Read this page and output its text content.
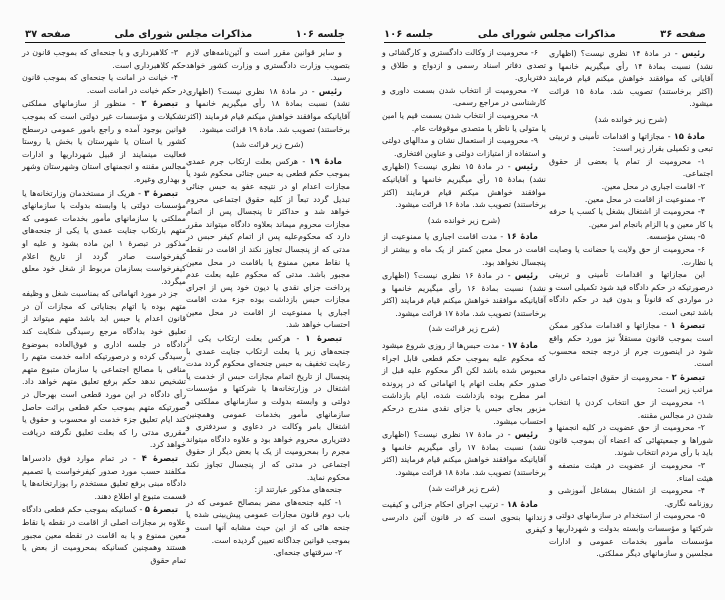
صفحه ۳۷	مذاکرات مجلس شورای ملی	جلسه ۱۰۶

۳- کلاهبرداری و یا جنحه‌ای که بموجب قانون در حکم کلاهبرداری است.

۴- خیانت در امانت یا جنحه‌ای که بموجب قانون در حکم خیانت در امانت است.

تبصرهٔ ۲ - منظور از سازمانهای مملکتی تشکیلات و مؤسسات غیر دولتی است که بموجب قوانین بوجود آمده و راجع بامور عمومی درسطح کشور یا استان یا شهرستان یا بخش یا روستا فعالیت مینمایند از قبیل شهرداریها و ادارات مجالس مقننه و انجمنهای استان وشهرستان وشهر و بهداری وغیره.

تبصرهٔ ۳ - هریک از مستخدمان وزارتخانه‌ها یا مؤسسات دولتی یا وابسته بدولت یا سازمانهای مملکتی یا سازمانهای مأمور بخدمات عمومی که متهم بارتکاب جنایت عمدی یا یکی از جنحه‌های مذکور در تبصرهٔ ۱ این ماده بشود و علیه او کیفرخواست صادر گردد از تاریخ اعلام کیفرخواست بسازمان مربوط از شغل خود معلق میگردد.

جز در مورد اتهاماتی که بمناسبت شغل و وظیفه متهم بوده یا اتهام بجنایاتی که مجازات آن در قانون اعدام یا حبس ابد باشد متهم میتواند از تعلیق خود بدادگاه مرجع رسیدگی شکایت کند دادگاه در جلسه اداری و فوق‌العاده بموضوع رسیدگی کرده و درصورتیکه ادامه خدمت متهم را منافی با مصالح اجتماعی یا سازمان متبوع متهم تشخیص ندهد حکم برفع تعلیق متهم خواهد داد. رأی دادگاه در این مورد قطعی است بهرحال در صورتیکه متهم بموجب حکم قطعی برائت حاصل کند ایام تعلیق جزء خدمت او محسوب و حقوق یا مقرری مدتی را که بعلت تعلیق نگرفته دریافت خواهد کرد.

تبصرهٔ ۴ - در تمام موارد فوق دادسراها مکلفند حسب مورد صدور کیفرخواست یا تصمیم دادگاه مبنی برفع تعلیق مستخدم را بوزارتخانه‌ها یا قسمت متبوع او اطلاع دهند.

تبصرهٔ ۵ - کسانیکه بموجب حکم قطعی دادگاه علاوه بر مجازات اصلی از اقامت در نقطه یا نقاط معین ممنوع و یا به اقامت در نقطه معین مجبور هستند وهمچنین کسانیکه بمحرومیت از بعض یا تمام حقوق

و سایر قوانین مقرر است و آئین‌نامه‌های لازم بتصویب وزارت دادگستری و وزارت کشور خواهد رسید.

رئیس - در مادهٔ ۱۸ نظری نیست؟ (اظهاری نشد) نسبت بمادهٔ ۱۸ رأی میگیریم خانمها و آقایانیکه موافقند خواهش میکنم قیام فرمایند (اکثر برخاستند) تصویب شد. مادهٔ ۱۹ قرائت میشود.

(شرح زیر قرائت شد)

مادهٔ ۱۹ - هرکس بعلت ارتکاب جرم عمدی بموجب حکم قطعی به حبس جنائی محکوم شود یا مجازات اعدام او در نتیجه عفو به حبس جنائی تبدیل گردد تبعاً از کلیه حقوق اجتماعی محروم خواهد شد و حداکثر تا پنجسال پس از اتمام مجازات محروم میماند بعلاوه دادگاه میتواند مقرر دارد که محکوم‌علیه پس از اتمام کیفر حبس در مدتی که از پنجسال تجاوز نکند از اقامت در نقطه یا نقاط معین ممنوع یا باقامت در محل معین مجبور باشد. مدتی که محکوم علیه بعلت عدم پرداخت جزای نقدی یا دیون خود پس از اجرای مجازات حبس بازداشت بوده جزء مدت اقامت اجباری یا ممنوعیت از اقامت در محل معین احتساب خواهد شد.

تبصرهٔ ۱ - هرکس بعلت ارتکاب یکی از جنحه‌های زیر یا بعلت ارتکاب جنایت عمدی با رعایت تخفیف به حبس جنحه‌ای محکوم گردد مدت پنجسال از تاریخ اتمام مجازات حبس از خدمت یا اشتغال در وزارتخانه‌ها یا شرکتها و مؤسسات دولتی و وابسته بدولت و سازمانهای مملکتی و سازمانهای مأمور بخدمات عمومی وهمچنین اشتغال بامر وکالت در دعاوی و سردفتری و دفتریاری محروم خواهد بود و علاوه دادگاه میتواند مجرم را بمحرومیت از یک یا بعض دیگر از حقوق اجتماعی در مدتی که از پنجسال تجاوز نکند محکوم نماید.

جنحه‌های مذکور عبارتند از:

۱- کلیه جنحه‌های مضر بمصالح عمومی که در باب دوم قانون مجازات عمومی پیش‌بینی شده یا جنحه هائی که از این حیث مشابه آنها است و بموجب قوانین جداگانه تعیین گردیده است.

۲- سرقتهای جنحه‌ای.

جلسه ۱۰۶	مذاکرات مجلس شورای ملی	صفحه ۳۶

۶- محرومیت از وکالت دادگستری و کارگشائی و تصدی دفاتر اسناد رسمی و ازدواج و طلاق و دفتریاری.

۷- محرومیت از انتخاب شدن بسمت داوری و کارشناسی در مراجع رسمی.

۸- محرومیت از انتخاب شدن بسمت قیم یا امین یا متولی یا ناظر یا متصدی موقوفات عام.

۹- محرومیت از استعمال نشان و مدالهای دولتی و استفاده از امتیازات دولتی و عناوین افتخاری.

رئیس - در مادهٔ ۱۵ نظری نیست؟ (اظهاری نشد) بمادهٔ ۱۵ رأی میگیریم خانمها و آقایانیکه موافقند خواهش میکنم قیام فرمایند (اکثر برخاستند) تصویب شد. مادهٔ ۱۶ قرائت میشود.

(شرح زیر خوانده شد)

مادهٔ ۱۶ - مدت اقامت اجباری یا ممنوعیت از اقامت در محل معین کمتر از یک ماه و بیشتر از پنجسال نخواهد بود.

رئیس - در مادهٔ ۱۶ نظری نیست؟ (اظهاری نشد) نسبت بمادهٔ ۱۶ رأی میگیریم خانمها و آقایانیکه موافقند خواهش میکنم قیام فرمایند (اکثر برخاستند) تصویب شد. مادهٔ ۱۷ قرائت میشود.

(شرح زیر قرائت شد)

مادهٔ ۱۷ - مدت حبس‌ها از روزی شروع میشود که محکوم علیه بموجب حکم قطعی قابل اجراء محبوس شده باشد لکن اگر محکوم علیه قبل از صدور حکم بعلت اتهام یا اتهاماتی که در پرونده امر مطرح بوده بازداشت شده، ایام بازداشت مزبور بجای حبس یا جزای نقدی مندرج درحکم احتساب میشود.

رئیس - در مادهٔ ۱۷ نظری نیست؟ (اظهاری نشد) نسبت بمادهٔ ۱۷ رأی میگیریم خانمها و آقایانیکه موافقند خواهش میکنم قیام فرمایند (اکثر برخاستند) تصویب شد. مادهٔ ۱۸ قرائت میشود.

(شرح زیر قرائت شد)

مادهٔ ۱۸ - ترتیب اجرای احکام جزائی و کیفیت زندانها بنحوی است که در قانون آئین دادرسی کیفری

رئیس - در مادهٔ ۱۴ نظری نیست؟ (اظهاری نشد) نسبت بمادهٔ ۱۴ رأی میگیریم خانمها و آقایانی که موافقند خواهش میکنم قیام فرمایند (اکثر برخاستند) تصویب شد. مادهٔ ۱۵ قرائت میشود.

(شرح زیر خوانده شد)

مادهٔ ۱۵ - مجازاتها و اقدامات تأمینی و تربیتی تبعی و تکمیلی بقرار زیر است:

۱- محرومیت از تمام یا بعضی از حقوق اجتماعی.

۲- اقامت اجباری در محل معین.

۳- ممنوعیت از اقامت در محل معین.

۴- محرومیت از اشتغال بشغل یا کسب یا حرفه یا کار معین و یا الزام بانجام امر معین.

۵- بستن مؤسسه.

۶- محرومیت از حق ولایت یا حضانت یا وصایت یا نظارت.

این مجازاتها و اقدامات تأمینی و تربیتی درصورتیکه در حکم دادگاه قید شود تکمیلی است و در مواردی که قانوناً و بدون قید در حکم دادگاه باشد تبعی است.

تبصرهٔ ۱ - مجازاتها و اقدامات مذکور ممکن است بموجب قانون مستقلاً نیز مورد حکم واقع شود در اینصورت جرم از درجه جنحه محسوب است.

تبصرهٔ ۲ - محرومیت از حقوق اجتماعی دارای مراتب زیر است:

۱- محرومیت از حق انتخاب کردن یا انتخاب شدن در مجالس مقننه.

۲- محرومیت از حق عضویت در کلیه انجمنها و شوراها و جمعیتهائی که اعضاء آن بموجب قانون باید با رأی مردم انتخاب شوند.

۳- محرومیت از عضویت در هیئت منصفه و هیئت امناء.

۴- محرومیت از اشتغال بمشاغل آموزشی و روزنامه نگاری.

۵- محرومیت از استخدام در سازمانهای دولتی و شرکتها و مؤسسات وابسته بدولت و شهرداریها و مؤسسات مأمور بخدمات عمومی و ادارات مجلسین و سازمانهای دیگر مملکتی.
